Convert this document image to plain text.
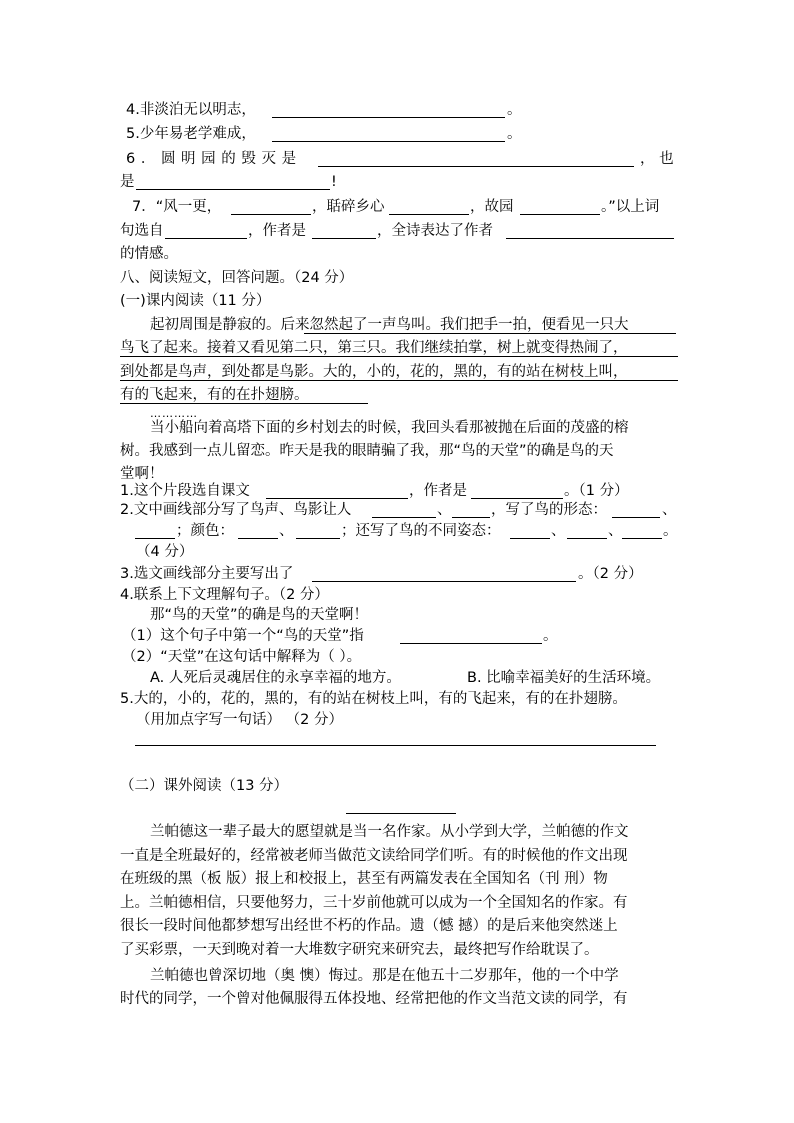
4.非淡泊无以明志，	。
5.少年易老学难成，	。
6 ． 圆 明 园 的 毁 灭 是	， 也
是	!
7．“风一更，	，聒碎乡心	，故园	。”以上词
句选自	，作者是	，全诗表达了作者
的情感。
八、阅读短文，回答问题。（24 分）
(一)课内阅读（11 分）
起初周围是静寂的。后来忽然起了一声鸟叫。我们把手一拍，便看见一只大
鸟飞了起来。接着又看见第二只，第三只。我们继续拍掌，树上就变得热闹了，
到处都是鸟声，到处都是鸟影。大的，小的，花的，黑的，有的站在树枝上叫，
有的飞起来，有的在扑翅膀。
…………
当小船向着高塔下面的乡村划去的时候，我回头看那被抛在后面的茂盛的榕
树。我感到一点儿留恋。昨天是我的眼睛骗了我，那“鸟的天堂”的确是鸟的天
堂啊！
1.这个片段选自课文	，作者是	。（1 分）
2.文中画线部分写了鸟声、鸟影让人	、	，写了鸟的形态：	、
；颜色：	、	；还写了鸟的不同姿态：	、	、	。
（4 分）
3.选文画线部分主要写出了	。（2 分）
4.联系上下文理解句子。（2 分）
那“鸟的天堂”的确是鸟的天堂啊！
（1）这个句子中第一个“鸟的天堂”指	。
（2）“天堂”在这句话中解释为（ ）。
A. 人死后灵魂居住的永享幸福的地方。	B. 比喻幸福美好的生活环境。
5.大的，小的，花的，黑的，有的站在树枝上叫，有的飞起来，有的在扑翅膀。
（用加点字写一句话） （2 分）
（二）课外阅读（13 分）
兰帕德这一辈子最大的愿望就是当一名作家。从小学到大学，兰帕德的作文
一直是全班最好的，经常被老师当做范文读给同学们听。有的时候他的作文出现
在班级的黑（板 版）报上和校报上，甚至有两篇发表在全国知名（刊 刑）物
上。兰帕德相信，只要他努力，三十岁前他就可以成为一个全国知名的作家。有
很长一段时间他都梦想写出经世不朽的作品。遗（憾 撼）的是后来他突然迷上
了买彩票，一天到晚对着一大堆数字研究来研究去，最终把写作给耽误了。
兰帕德也曾深切地（奥 懊）悔过。那是在他五十二岁那年，他的一个中学
时代的同学，一个曾对他佩服得五体投地、经常把他的作文当范文读的同学，有
